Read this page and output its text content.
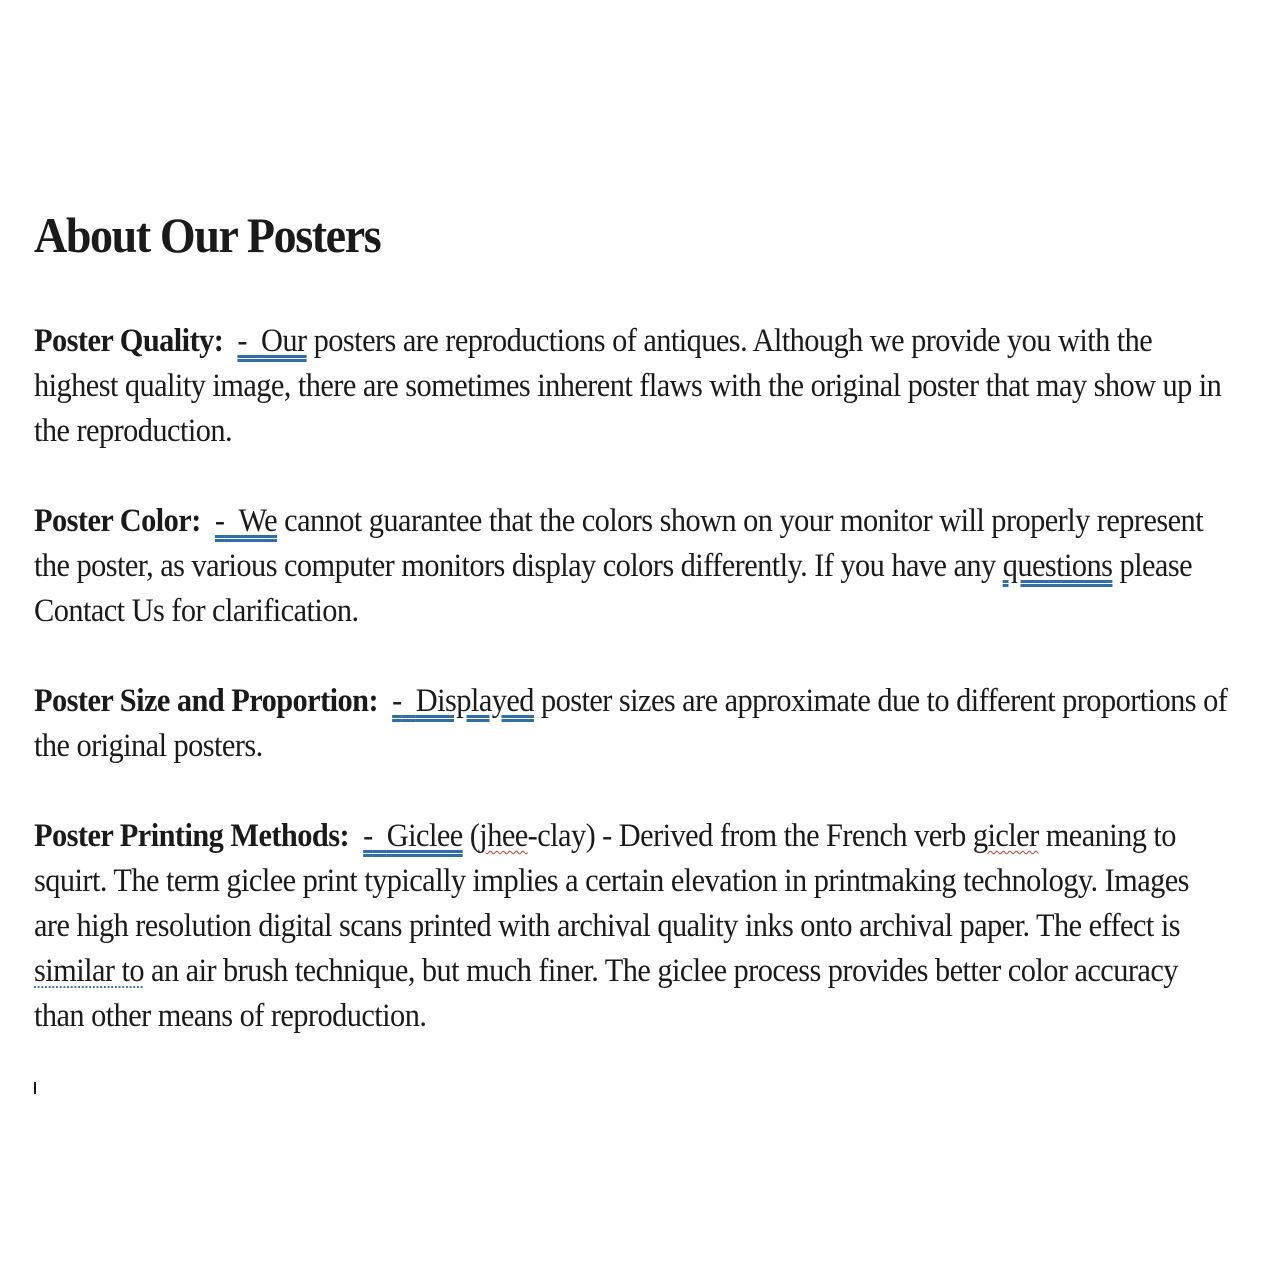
About Our Posters

Poster Quality: - Our posters are reproductions of antiques. Although we provide you with the highest quality image, there are sometimes inherent flaws with the original poster that may show up in the reproduction.

Poster Color: - We cannot guarantee that the colors shown on your monitor will properly represent the poster, as various computer monitors display colors differently. If you have any questions please Contact Us for clarification.

Poster Size and Proportion: - Displayed poster sizes are approximate due to different proportions of the original posters.

Poster Printing Methods: - Giclee (jhee-clay) - Derived from the French verb gicler meaning to squirt. The term giclee print typically implies a certain elevation in printmaking technology. Images are high resolution digital scans printed with archival quality inks onto archival paper. The effect is similar to an air brush technique, but much finer. The giclee process provides better color accuracy than other means of reproduction.
